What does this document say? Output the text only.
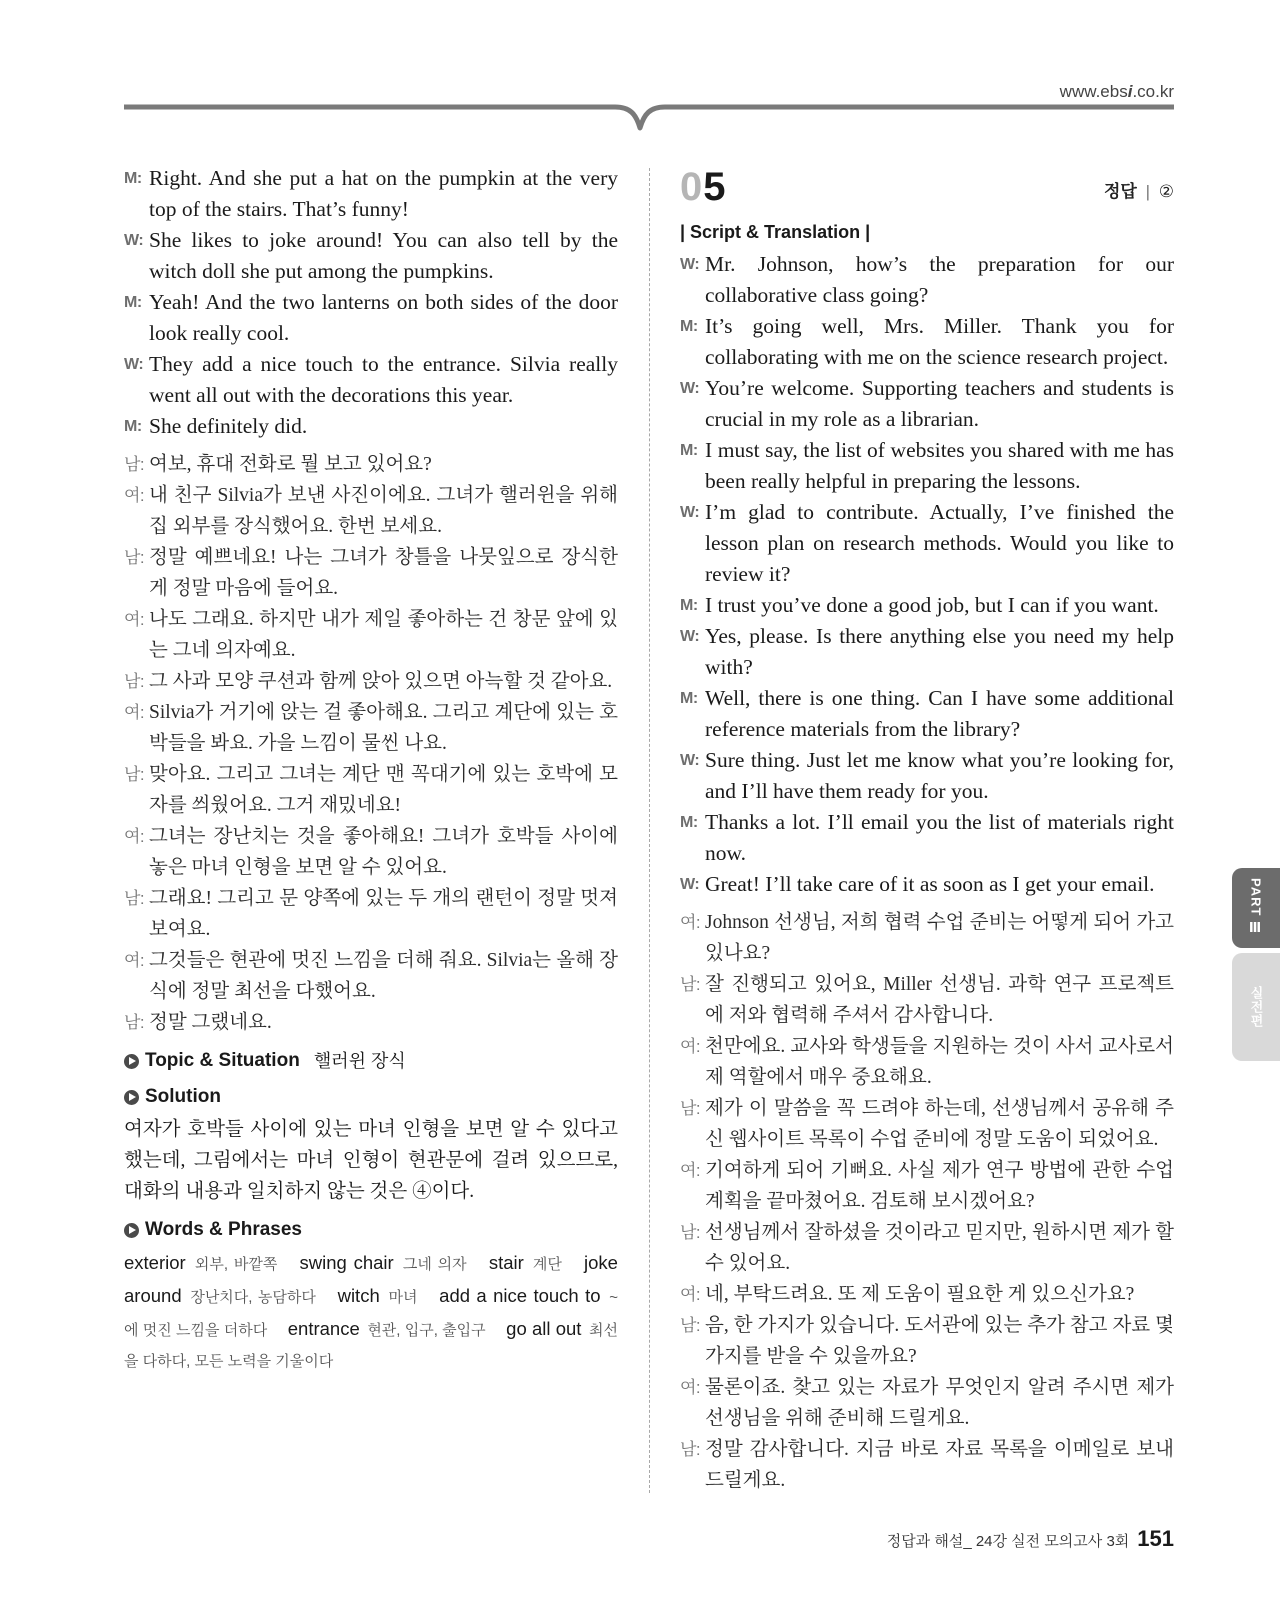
www.ebsi.co.kr
M: Right. And she put a hat on the pumpkin at the very top of the stairs. That’s funny!
W: She likes to joke around! You can also tell by the witch doll she put among the pumpkins.
M: Yeah! And the two lanterns on both sides of the door look really cool.
W: They add a nice touch to the entrance. Silvia really went all out with the decorations this year.
M: She definitely did.
남: 여보, 휴대 전화로 뭘 보고 있어요?
여: 내 친구 Silvia가 보낸 사진이에요. 그녀가 핼러윈을 위해 집 외부를 장식했어요. 한번 보세요.
남: 정말 예쁘네요! 나는 그녀가 창틀을 나뭇잎으로 장식한 게 정말 마음에 들어요.
여: 나도 그래요. 하지만 내가 제일 좋아하는 건 창문 앞에 있는 그네 의자예요.
남: 그 사과 모양 쿠션과 함께 앉아 있으면 아늑할 것 같아요.
여: Silvia가 거기에 앉는 걸 좋아해요. 그리고 계단에 있는 호박들을 봐요. 가을 느낌이 물씬 나요.
남: 맞아요. 그리고 그녀는 계단 맨 꼭대기에 있는 호박에 모자를 씌웠어요. 그거 재밌네요!
여: 그녀는 장난치는 것을 좋아해요! 그녀가 호박들 사이에 놓은 마녀 인형을 보면 알 수 있어요.
남: 그래요! 그리고 문 양쪽에 있는 두 개의 랜턴이 정말 멋져 보여요.
여: 그것들은 현관에 멋진 느낌을 더해 줘요. Silvia는 올해 장식에 정말 최선을 다했어요.
남: 정말 그랬네요.
Topic & Situation 핼러윈 장식
Solution
여자가 호박들 사이에 있는 마녀 인형을 보면 알 수 있다고 했는데, 그림에서는 마녀 인형이 현관문에 걸려 있으므로, 대화의 내용과 일치하지 않는 것은 ④이다.
Words & Phrases
exterior 외부, 바깥쪽 swing chair 그네 의자 stair 계단 joke around 장난치다, 농담하다 witch 마녀 add a nice touch to ~에 멋진 느낌을 더하다 entrance 현관, 입구, 출입구 go all out 최선을 다하다, 모든 노력을 기울이다
05	정답 | ②
| Script & Translation |
W: Mr. Johnson, how’s the preparation for our collaborative class going?
M: It’s going well, Mrs. Miller. Thank you for collaborating with me on the science research project.
W: You’re welcome. Supporting teachers and students is crucial in my role as a librarian.
M: I must say, the list of websites you shared with me has been really helpful in preparing the lessons.
W: I’m glad to contribute. Actually, I’ve finished the lesson plan on research methods. Would you like to review it?
M: I trust you’ve done a good job, but I can if you want.
W: Yes, please. Is there anything else you need my help with?
M: Well, there is one thing. Can I have some additional reference materials from the library?
W: Sure thing. Just let me know what you’re looking for, and I’ll have them ready for you.
M: Thanks a lot. I’ll email you the list of materials right now.
W: Great! I’ll take care of it as soon as I get your email.
여: Johnson 선생님, 저희 협력 수업 준비는 어떻게 되어 가고 있나요?
남: 잘 진행되고 있어요, Miller 선생님. 과학 연구 프로젝트에 저와 협력해 주셔서 감사합니다.
여: 천만에요. 교사와 학생들을 지원하는 것이 사서 교사로서 제 역할에서 매우 중요해요.
남: 제가 이 말씀을 꼭 드려야 하는데, 선생님께서 공유해 주신 웹사이트 목록이 수업 준비에 정말 도움이 되었어요.
여: 기여하게 되어 기뻐요. 사실 제가 연구 방법에 관한 수업 계획을 끝마쳤어요. 검토해 보시겠어요?
남: 선생님께서 잘하셨을 것이라고 믿지만, 원하시면 제가 할 수 있어요.
여: 네, 부탁드려요. 또 제 도움이 필요한 게 있으신가요?
남: 음, 한 가지가 있습니다. 도서관에 있는 추가 참고 자료 몇 가지를 받을 수 있을까요?
여: 물론이죠. 찾고 있는 자료가 무엇인지 알려 주시면 제가 선생님을 위해 준비해 드릴게요.
남: 정말 감사합니다. 지금 바로 자료 목록을 이메일로 보내 드릴게요.
PART Ⅲ
실전편
정답과 해설_ 24강 실전 모의고사 3회 151
